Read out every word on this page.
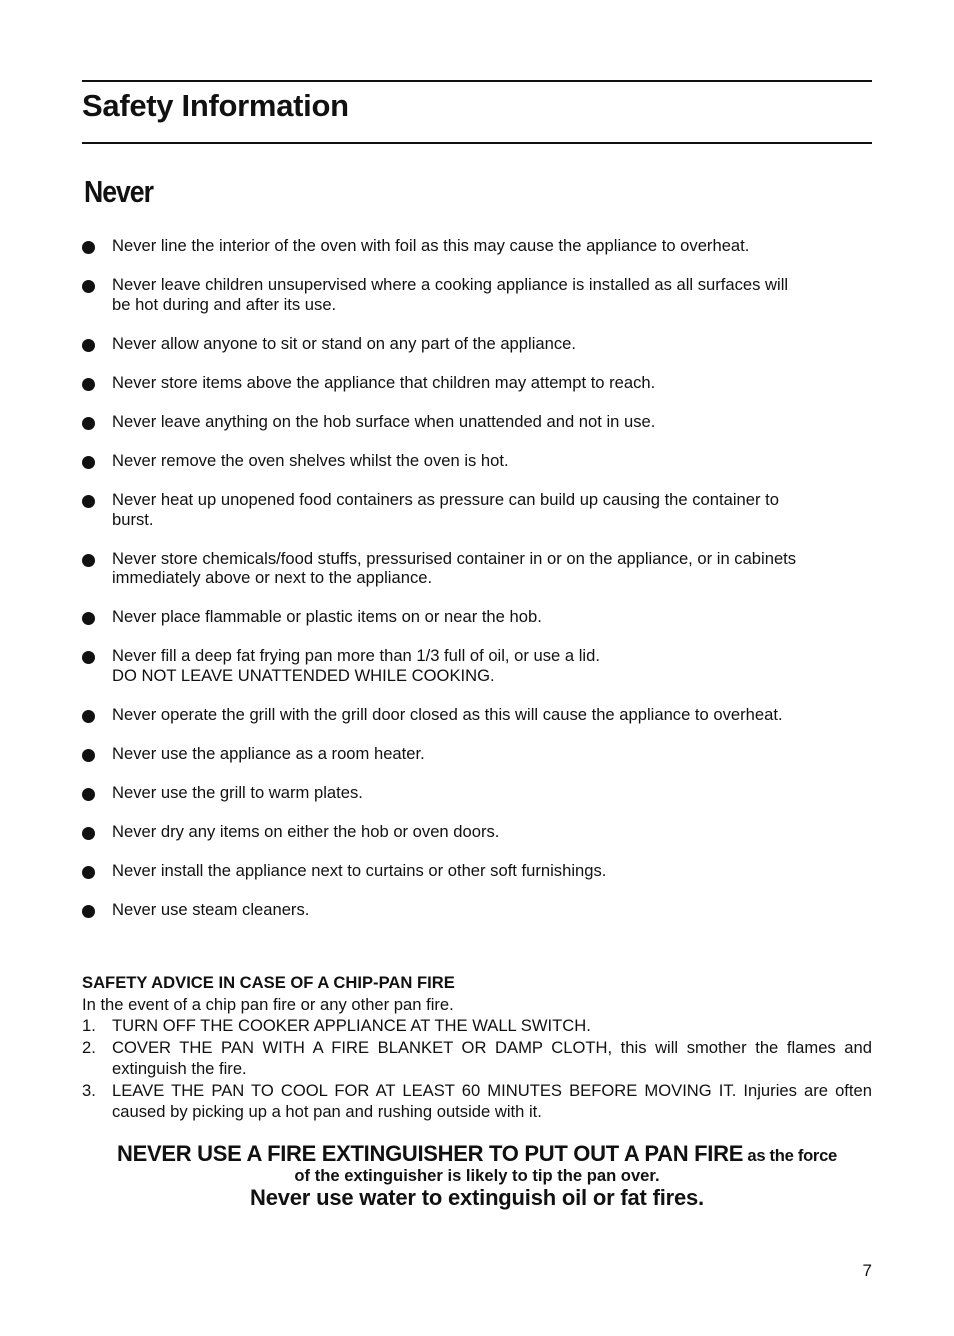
Safety Information
Never
Never line the interior of the oven with foil as this may cause the appliance to overheat.
Never leave children unsupervised where a cooking appliance is installed as all surfaces will
be hot during and after its use.
Never allow anyone to sit or stand on any part of the appliance.
Never store items above the appliance that children may attempt to reach.
Never leave anything on the hob surface when unattended and not in use.
Never remove the oven shelves whilst the oven is hot.
Never heat up unopened food containers as pressure can build up causing the container to
burst.
Never store chemicals/food stuffs, pressurised container in or on the appliance, or in cabinets
immediately above or next to the appliance.
Never place flammable or plastic items on or near the hob.
Never fill a deep fat frying pan more than 1/3 full of oil, or use a lid.
DO NOT LEAVE UNATTENDED WHILE COOKING.
Never operate the grill with the grill door closed as this will cause the appliance to overheat.
Never use the appliance as a room heater.
Never use the grill to warm plates.
Never dry any items on either the hob or oven doors.
Never install the appliance next to curtains or other soft furnishings.
Never use steam cleaners.
SAFETY ADVICE IN CASE OF A CHIP-PAN FIRE
In the event of a chip pan fire or any other pan fire.
1. TURN OFF THE COOKER APPLIANCE AT THE WALL SWITCH.
2. COVER THE PAN WITH A FIRE BLANKET OR DAMP CLOTH, this will smother the flames and extinguish the fire.
3. LEAVE THE PAN TO COOL FOR AT LEAST 60 MINUTES BEFORE MOVING IT. Injuries are often caused by picking up a hot pan and rushing outside with it.
NEVER USE A FIRE EXTINGUISHER TO PUT OUT A PAN FIRE as the force
of the extinguisher is likely to tip the pan over.
Never use water to extinguish oil or fat fires.
7
